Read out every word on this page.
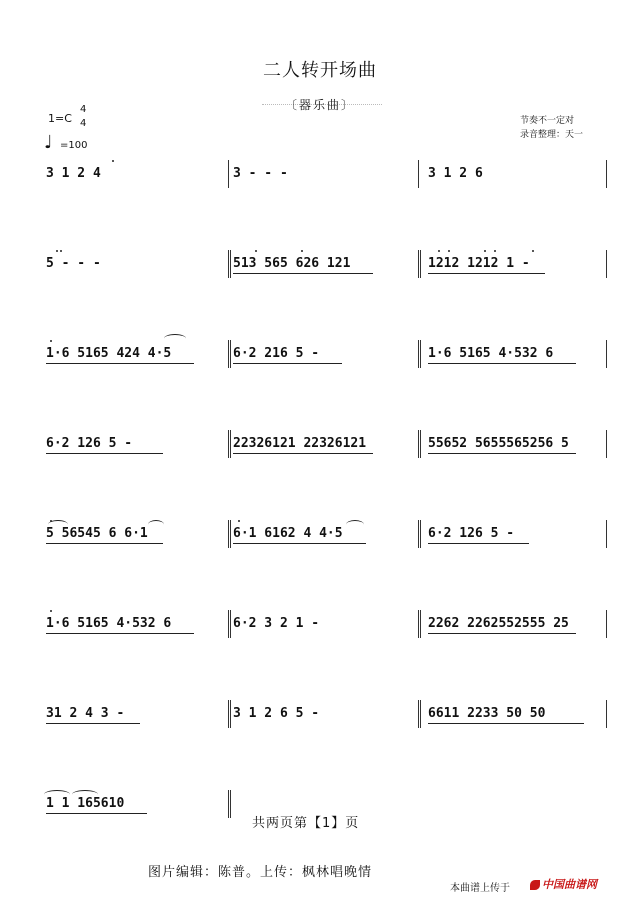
二人转开场曲
〔器乐曲〕
1=C
4
4
♩ =100
节奏不一定对
录音整理：天一
3 1 2 4	3 - - -	3 1 2 6
5 - - -	513 565 626 121	1212 1212 1 -
1·6 5165 424 4·5	6·2 216 5 -	1·6 5165 4·532 6
6·2 126 5 -	22326121 22326121	55652 5655565256 5
5 56545 6 6·1	6·1 6162 4 4·5	6·2 126 5 -
1·6 5165 4·532 6	6·2 3 2 1 -	2262 2262552555 25
31 2 4 3 -	3 1 2 6 5 -	6611 2233 50 50
1 1 165610
共两页第【1】页
图片编辑：陈普。上传：枫林唱晚情
本曲谱上传于	中国曲谱网
